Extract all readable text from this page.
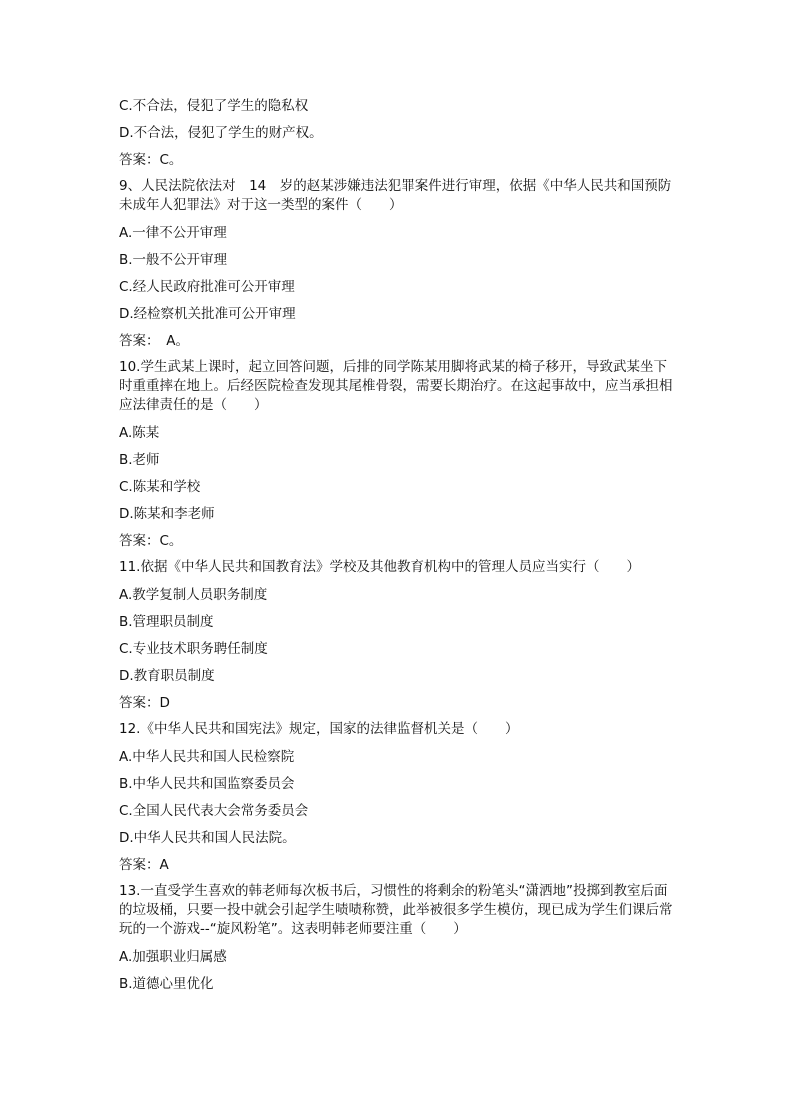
C.不合法，侵犯了学生的隐私权

D.不合法，侵犯了学生的财产权。

答案：C。

9、人民法院依法对　14　岁的赵某涉嫌违法犯罪案件进行审理，依据《中华人民共和国预防未成年人犯罪法》对于这一类型的案件（　　）

A.一律不公开审理

B.一般不公开审理

C.经人民政府批准可公开审理

D.经检察机关批准可公开审理

答案：　A。

10.学生武某上课时，起立回答问题，后排的同学陈某用脚将武某的椅子移开，导致武某坐下时重重摔在地上。后经医院检查发现其尾椎骨裂，需要长期治疗。在这起事故中，应当承担相应法律责任的是（　　）

A.陈某

B.老师

C.陈某和学校

D.陈某和李老师

答案：C。

11.依据《中华人民共和国教育法》学校及其他教育机构中的管理人员应当实行（　　）

A.教学复制人员职务制度

B.管理职员制度

C.专业技术职务聘任制度

D.教育职员制度

答案：D

12.《中华人民共和国宪法》规定，国家的法律监督机关是（　　）

A.中华人民共和国人民检察院

B.中华人民共和国监察委员会

C.全国人民代表大会常务委员会

D.中华人民共和国人民法院。

答案：A

13.一直受学生喜欢的韩老师每次板书后，习惯性的将剩余的粉笔头“潇洒地”投掷到教室后面的垃圾桶，只要一投中就会引起学生啧啧称赞，此举被很多学生模仿，现已成为学生们课后常玩的一个游戏--“旋风粉笔”。这表明韩老师要注重（　　）

A.加强职业归属感

B.道德心里优化
